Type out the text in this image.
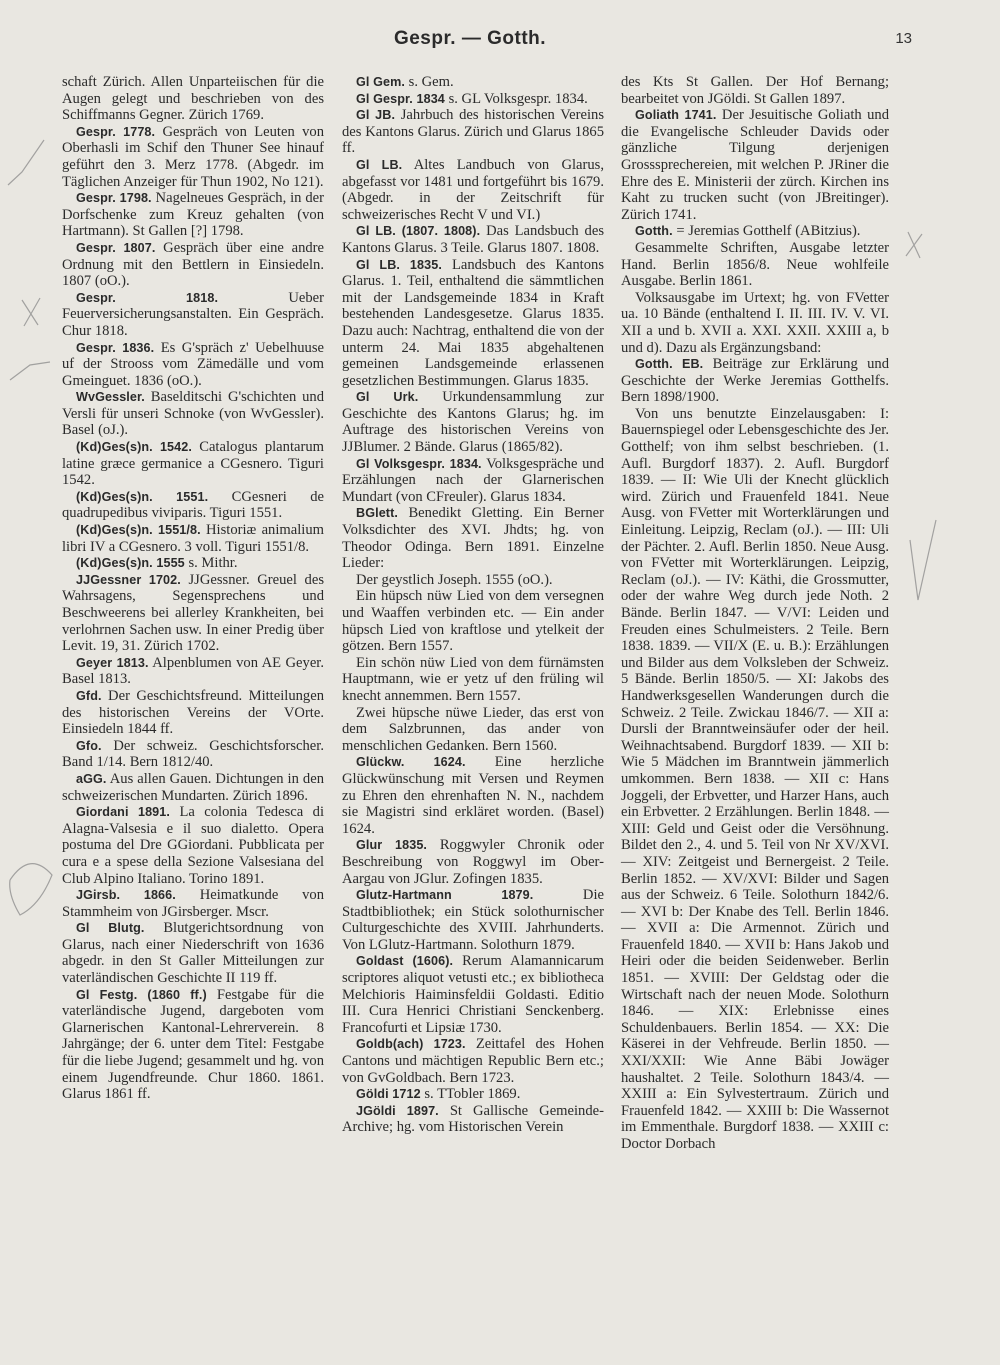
Gespr. — Gotth.	13

schaft Zürich. Allen Unparteiischen für die Augen gelegt und beschrieben von des Schiffmanns Gegner. Zürich 1769.

Gespr. 1778. Gespräch von Leuten von Oberhasli im Schif den Thuner See hinauf geführt den 3. Merz 1778. (Abgedr. im Täglichen Anzeiger für Thun 1902, No 121).

Gespr. 1798. Nagelneues Gespräch, in der Dorfschenke zum Kreuz gehalten (von Hartmann). St Gallen [?] 1798.

Gespr. 1807. Gespräch über eine andre Ordnung mit den Bettlern in Einsiedeln. 1807 (oO.).

Gespr. 1818.	Ueber Feuerversicherungsanstalten. Ein Gespräch. Chur 1818.

Gespr. 1836. Es G'spräch z' Uebelhuuse uf der Strooss vom Zämedälle und vom Gmeinguet. 1836 (oO.).

WvGessler. Baselditschi G'schichten und Versli für unseri Schnoke (von WvGessler). Basel (oJ.).

(Kd)Ges(s)n. 1542. Catalogus plantarum latine græce germanice a CGesnero. Tiguri 1542.

(Kd)Ges(s)n. 1551. CGesneri de quadrupedibus viviparis. Tiguri 1551.

(Kd)Ges(s)n. 1551/8. Historiæ animalium libri IV a CGesnero. 3 voll. Tiguri 1551/8.

(Kd)Ges(s)n. 1555 s. Mithr.

JJGessner 1702. JJGessner. Greuel des Wahrsagens, Segensprechens und Beschweerens bei allerley Krankheiten, bei verlohrnen Sachen usw. In einer Predig über Levit. 19, 31. Zürich 1702.

Geyer 1813. Alpenblumen von AE Geyer. Basel 1813.

Gfd. Der Geschichtsfreund. Mitteilungen des historischen Vereins der VOrte. Einsiedeln 1844 ff.

Gfo. Der schweiz. Geschichtsforscher. Band 1/14. Bern 1812/40.

aGG. Aus allen Gauen. Dichtungen in den schweizerischen Mundarten. Zürich 1896.

Giordani 1891. La colonia Tedesca di Alagna-Valsesia e il suo dialetto. Opera postuma del Dre GGiordani. Pubblicata per cura e a spese della Sezione Valsesiana del Club Alpino Italiano. Torino 1891.

JGirsb. 1866. Heimatkunde von Stammheim von JGirsberger. Mscr.

Gl Blutg. Blutgerichtsordnung von Glarus, nach einer Niederschrift von 1636 abgedr. in den St Galler Mitteilungen zur vaterländischen Geschichte II 119 ff.

Gl Festg. (1860 ff.) Festgabe für die vaterländische Jugend, dargeboten vom Glarnerischen Kantonal-Lehrerverein. 8 Jahrgänge; der 6. unter dem Titel: Festgabe für die liebe Jugend; gesammelt und hg. von einem Jugendfreunde. Chur 1860. 1861. Glarus 1861 ff.

Gl Gem. s. Gem.

Gl Gespr. 1834 s. GL Volksgespr. 1834.

Gl JB. Jahrbuch des historischen Vereins des Kantons Glarus. Zürich und Glarus 1865 ff.

Gl LB. Altes Landbuch von Glarus, abgefasst vor 1481 und fortgeführt bis 1679. (Abgedr. in der Zeitschrift für schweizerisches Recht V und VI.)

Gl LB. (1807. 1808). Das Landsbuch des Kantons Glarus. 3 Teile. Glarus 1807. 1808.

Gl LB. 1835. Landsbuch des Kantons Glarus. 1. Teil, enthaltend die sämmtlichen mit der Landsgemeinde 1834 in Kraft bestehenden Landesgesetze. Glarus 1835. Dazu auch: Nachtrag, enthaltend die von der unterm 24. Mai 1835 abgehaltenen gemeinen Landsgemeinde erlassenen gesetzlichen Bestimmungen. Glarus 1835.

Gl Urk. Urkundensammlung zur Geschichte des Kantons Glarus; hg. im Auftrage des historischen Vereins von JJBlumer. 2 Bände. Glarus (1865/82).

Gl Volksgespr. 1834. Volksgespräche und Erzählungen nach der Glarnerischen Mundart (von CFreuler). Glarus 1834.

BGlett. Benedikt Gletting. Ein Berner Volksdichter des XVI. Jhdts; hg. von Theodor Odinga. Bern 1891. Einzelne Lieder:

Der geystlich Joseph. 1555 (oO.).

Ein hüpsch nüw Lied von dem versegnen und Waaffen verbinden etc. — Ein ander hüpsch Lied von kraftlose und ytelkeit der götzen. Bern 1557.

Ein schön nüw Lied von dem fürnämsten Hauptmann, wie er yetz uf den früling wil knecht annemmen. Bern 1557.

Zwei hüpsche nüwe Lieder, das erst von dem Salzbrunnen, das ander von menschlichen Gedanken. Bern 1560.

Glückw. 1624. Eine herzliche Glückwünschung mit Versen und Reymen zu Ehren den ehrenhaften N. N., nachdem sie Magistri sind erkläret worden. (Basel) 1624.

Glur 1835. Roggwyler Chronik oder Beschreibung von Roggwyl im Ober-Aargau von JGlur. Zofingen 1835.

Glutz-Hartmann 1879.	Die Stadtbibliothek; ein Stück solothurnischer Culturgeschichte des XVIII. Jahrhunderts. Von LGlutz-Hartmann. Solothurn 1879.

Goldast (1606). Rerum Alamannicarum scriptores aliquot vetusti etc.; ex bibliotheca Melchioris Haiminsfeldii Goldasti. Editio III. Cura Henrici Christiani Senckenberg. Francofurti et Lipsiæ 1730.

Goldb(ach) 1723. Zeittafel des Hohen Cantons und mächtigen Republic Bern etc.; von GvGoldbach. Bern 1723.

Göldi 1712 s. TTobler 1869.

JGöldi 1897. St Gallische Gemeinde-Archive; hg. vom Historischen Verein

des Kts St Gallen. Der Hof Bernang; bearbeitet von JGöldi. St Gallen 1897.

Goliath 1741. Der Jesuitische Goliath und die Evangelische Schleuder Davids oder gänzliche Tilgung derjenigen Grosssprechereien, mit welchen P. JRiner die Ehre des E. Ministerii der zürch. Kirchen ins Kaht zu trucken sucht (von JBreitinger). Zürich 1741.

Gotth. = Jeremias Gotthelf (ABitzius).

Gesammelte Schriften, Ausgabe letzter Hand. Berlin 1856/8. Neue wohlfeile Ausgabe. Berlin 1861.

Volksausgabe im Urtext; hg. von FVetter ua. 10 Bände (enthaltend I. II. III. IV. V. VI. XII a und b. XVII a. XXI. XXII. XXIII a, b und d). Dazu als Ergänzungsband:

Gotth. EB. Beiträge zur Erklärung und Geschichte der Werke Jeremias Gotthelfs. Bern 1898/1900.

Von uns benutzte Einzelausgaben: I: Bauernspiegel oder Lebensgeschichte des Jer. Gotthelf; von ihm selbst beschrieben. (1. Aufl. Burgdorf 1837). 2. Aufl. Burgdorf 1839. — II: Wie Uli der Knecht glücklich wird. Zürich und Frauenfeld 1841. Neue Ausg. von FVetter mit Worterklärungen und Einleitung. Leipzig, Reclam (oJ.). — III: Uli der Pächter. 2. Aufl. Berlin 1850. Neue Ausg. von FVetter mit Worterklärungen. Leipzig, Reclam (oJ.). — IV: Käthi, die Grossmutter, oder der wahre Weg durch jede Noth. 2 Bände. Berlin 1847. — V/VI: Leiden und Freuden eines Schulmeisters. 2 Teile. Bern 1838. 1839. — VII/X (E. u. B.): Erzählungen und Bilder aus dem Volksleben der Schweiz. 5 Bände. Berlin 1850/5. — XI: Jakobs des Handwerksgesellen Wanderungen durch die Schweiz. 2 Teile. Zwickau 1846/7. — XII a: Dursli der Branntweinsäufer oder der heil. Weihnachtsabend. Burgdorf 1839. — XII b: Wie 5 Mädchen im Branntwein jämmerlich umkommen. Bern 1838. — XII c: Hans Joggeli, der Erbvetter, und Harzer Hans, auch ein Erbvetter. 2 Erzählungen. Berlin 1848. — XIII: Geld und Geist oder die Versöhnung. Bildet den 2., 4. und 5. Teil von Nr XV/XVI. — XIV: Zeitgeist und Bernergeist. 2 Teile. Berlin 1852. — XV/XVI: Bilder und Sagen aus der Schweiz. 6 Teile. Solothurn 1842/6. — XVI b: Der Knabe des Tell. Berlin 1846. — XVII a: Die Armennot. Zürich und Frauenfeld 1840. — XVII b: Hans Jakob und Heiri oder die beiden Seidenweber. Berlin 1851. — XVIII: Der Geldstag oder die Wirtschaft nach der neuen Mode. Solothurn 1846. — XIX: Erlebnisse eines Schuldenbauers. Berlin 1854. — XX: Die Käserei in der Vehfreude. Berlin 1850. — XXI/XXII: Wie Anne Bäbi Jowäger haushaltet. 2 Teile. Solothurn 1843/4. — XXIII a: Ein Sylvestertraum. Zürich und Frauenfeld 1842. — XXIII b: Die Wassernot im Emmenthale. Burgdorf 1838. — XXIII c: Doctor Dorbach
